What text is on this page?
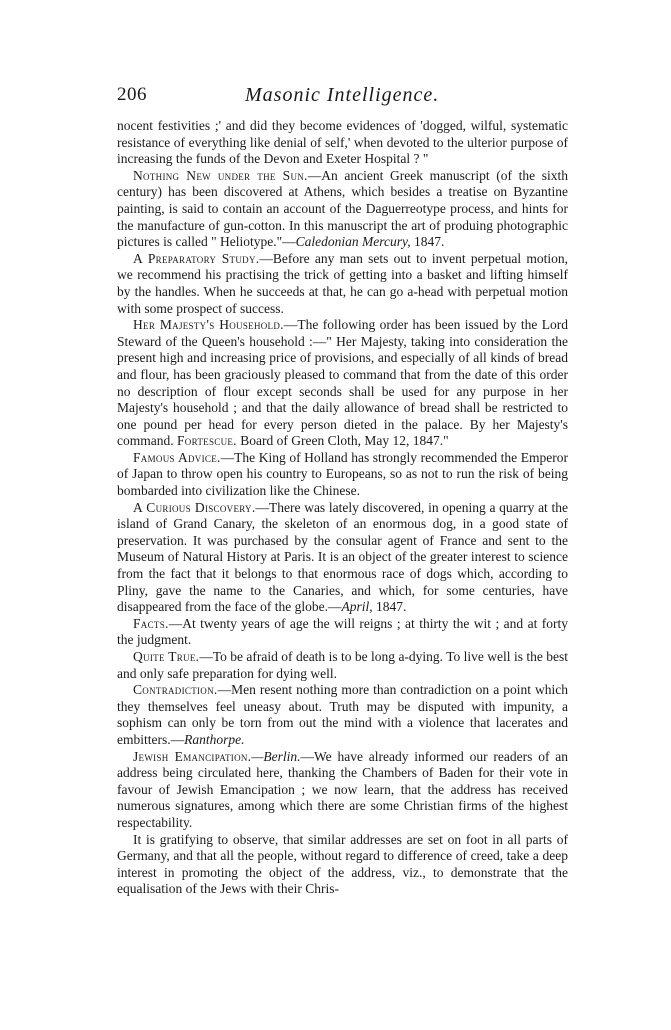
206	Masonic Intelligence.

nocent festivities ;' and did they become evidences of 'dogged, wilful, systematic resistance of everything like denial of self,' when devoted to the ulterior purpose of increasing the funds of the Devon and Exeter Hospital ? "

Nothing New under the Sun.—An ancient Greek manuscript (of the sixth century) has been discovered at Athens, which besides a treatise on Byzantine painting, is said to contain an account of the Daguerreotype process, and hints for the manufacture of gun-cotton. In this manuscript the art of produing photographic pictures is called " Heliotype."—Caledonian Mercury, 1847.

A Preparatory Study.—Before any man sets out to invent perpetual motion, we recommend his practising the trick of getting into a basket and lifting himself by the handles. When he succeeds at that, he can go a-head with perpetual motion with some prospect of success.

Her Majesty's Household.—The following order has been issued by the Lord Steward of the Queen's household :—" Her Majesty, taking into consideration the present high and increasing price of provisions, and especially of all kinds of bread and flour, has been graciously pleased to command that from the date of this order no description of flour except seconds shall be used for any purpose in her Majesty's household ; and that the daily allowance of bread shall be restricted to one pound per head for every person dieted in the palace. By her Majesty's command. Fortescue. Board of Green Cloth, May 12, 1847."

Famous Advice.—The King of Holland has strongly recommended the Emperor of Japan to throw open his country to Europeans, so as not to run the risk of being bombarded into civilization like the Chinese.

A Curious Discovery.—There was lately discovered, in opening a quarry at the island of Grand Canary, the skeleton of an enormous dog, in a good state of preservation. It was purchased by the consular agent of France and sent to the Museum of Natural History at Paris. It is an object of the greater interest to science from the fact that it belongs to that enormous race of dogs which, according to Pliny, gave the name to the Canaries, and which, for some centuries, have disappeared from the face of the globe.—April, 1847.

Facts.—At twenty years of age the will reigns ; at thirty the wit ; and at forty the judgment.

Quite True.—To be afraid of death is to be long a-dying. To live well is the best and only safe preparation for dying well.

Contradiction.—Men resent nothing more than contradiction on a point which they themselves feel uneasy about. Truth may be disputed with impunity, a sophism can only be torn from out the mind with a violence that lacerates and embitters.—Ranthorpe.

Jewish Emancipation.—Berlin.—We have already informed our readers of an address being circulated here, thanking the Chambers of Baden for their vote in favour of Jewish Emancipation ; we now learn, that the address has received numerous signatures, among which there are some Christian firms of the highest respectability.

It is gratifying to observe, that similar addresses are set on foot in all parts of Germany, and that all the people, without regard to difference of creed, take a deep interest in promoting the object of the address, viz., to demonstrate that the equalisation of the Jews with their Chris-
